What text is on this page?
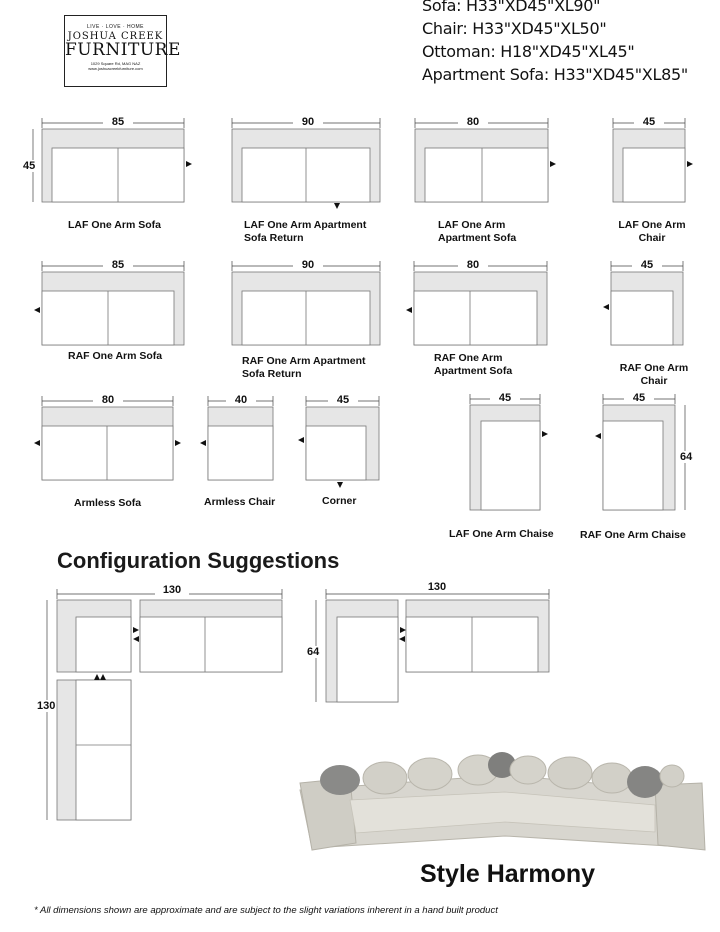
LIVE · LOVE · HOME
JOSHUA CREEK
FURNITURE
1029 Square Rd, MAG NAZ
www.joshuacreekfurniture.com
Sofa: H33"XD45"XL90"
Chair: H33"XD45"XL50"
Ottoman: H18"XD45"XL45"
Apartment Sofa: H33"XD45"XL85"
85
45
90	80	45
85	90	80	45
80	40	45	45	45
64
130
130
130
64
LAF One Arm Sofa	LAF One Arm Apartment Sofa Return
LAF One Arm Apartment Sofa
LAF One Arm Chair
RAF One Arm Sofa	RAF One Arm Apartment Sofa Return
RAF One Arm Apartment Sofa	RAF One Arm Chair
Armless Sofa	Armless Chair	Corner
LAF One Arm Chaise	RAF One Arm Chaise
Configuration Suggestions
Style Harmony
* All dimensions shown are approximate and are subject to the slight variations inherent in a hand built product
